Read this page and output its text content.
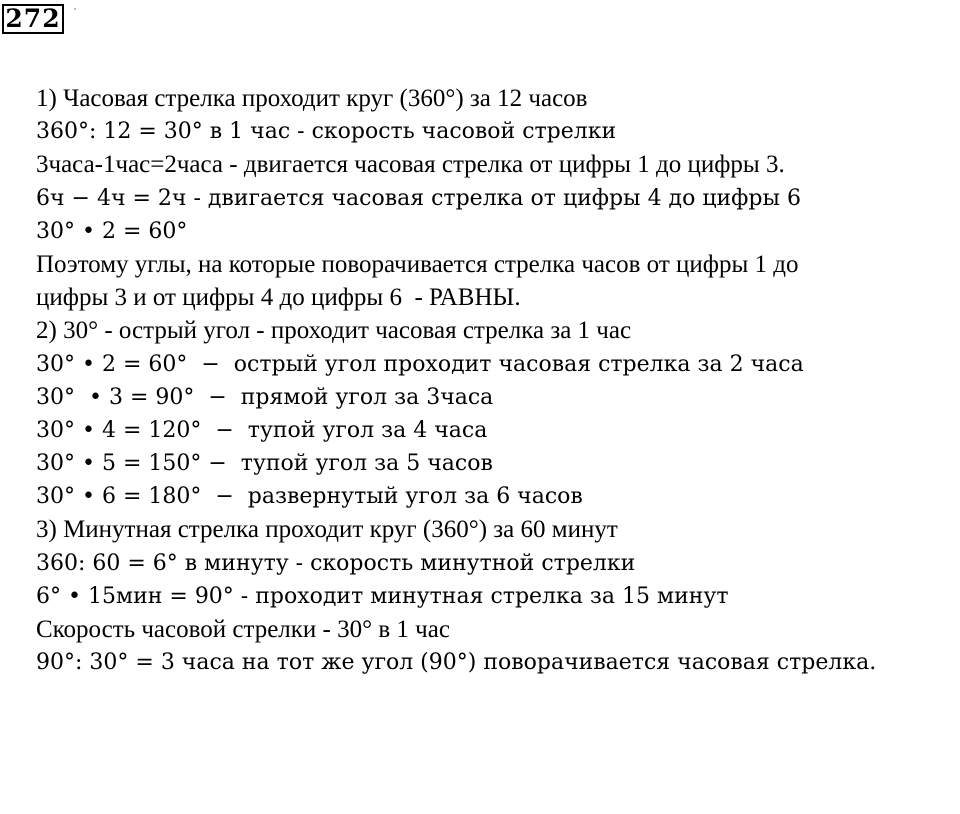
272
1) Часовая стрелка проходит круг (360°) за 12 часов
360°: 12 = 30° в 1 час - скорость часовой стрелки
3часа-1час=2часа - двигается часовая стрелка от цифры 1 до цифры 3.
6ч − 4ч = 2ч - двигается часовая стрелка от цифры 4 до цифры 6
30° • 2 = 60°
Поэтому углы, на которые поворачивается стрелка часов от цифры 1 до
цифры 3 и от цифры 4 до цифры 6  - РАВНЫ.
2) 30° - острый угол - проходит часовая стрелка за 1 час
30° • 2 = 60°  −  острый угол проходит часовая стрелка за 2 часа
30°  • 3 = 90°  −  прямой угол за 3часа
30° • 4 = 120°  −  тупой угол за 4 часа
30° • 5 = 150° −  тупой угол за 5 часов
30° • 6 = 180°  −  развернутый угол за 6 часов
3) Минутная стрелка проходит круг (360°) за 60 минут
360: 60 = 6° в минуту - скорость минутной стрелки
6° • 15мин = 90° - проходит минутная стрелка за 15 минут
Скорость часовой стрелки - 30° в 1 час
90°: 30° = 3 часа на тот же угол (90°) поворачивается часовая стрелка.
